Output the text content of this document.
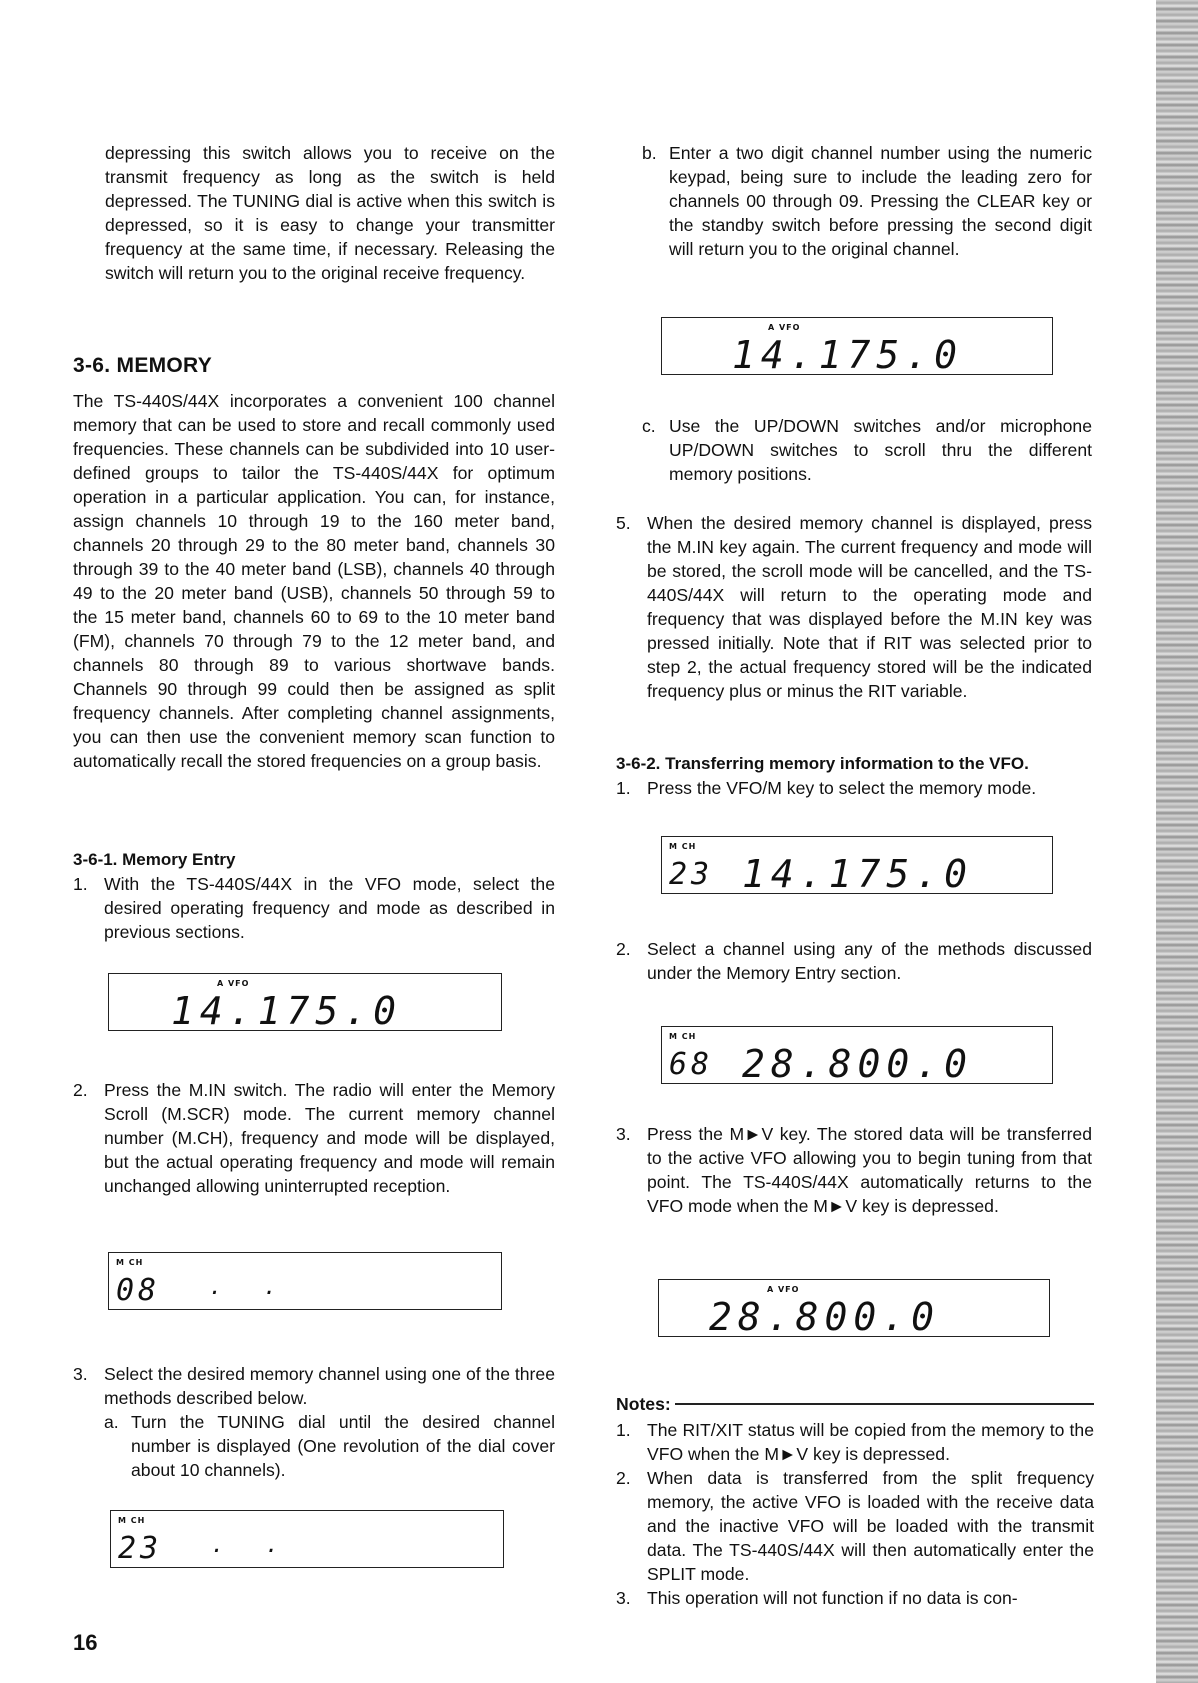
depressing this switch allows you to receive on the transmit frequency as long as the switch is held depressed. The TUNING dial is active when this switch is depressed, so it is easy to change your transmitter frequency at the same time, if necessary. Releasing the switch will return you to the original receive frequency.

3-6. MEMORY

The TS-440S/44X incorporates a convenient 100 channel memory that can be used to store and recall commonly used frequencies. These channels can be subdivided into 10 user-defined groups to tailor the TS-440S/44X for optimum operation in a particular application. You can, for instance, assign channels 10 through 19 to the 160 meter band, channels 20 through 29 to the 80 meter band, channels 30 through 39 to the 40 meter band (LSB), channels 40 through 49 to the 20 meter band (USB), channels 50 through 59 to the 15 meter band, channels 60 to 69 to the 10 meter band (FM), channels 70 through 79 to the 12 meter band, and channels 80 through 89 to various shortwave bands. Channels 90 through 99 could then be assigned as split frequency channels. After completing channel assignments, you can then use the convenient memory scan function to automatically recall the stored frequencies on a group basis.

3-6-1. Memory Entry
1. With the TS-440S/44X in the VFO mode, select the desired operating frequency and mode as described in previous sections.
A VFO
14.175.0
2. Press the M.IN switch. The radio will enter the Memory Scroll (M.SCR) mode. The current memory channel number (M.CH), frequency and mode will be displayed, but the actual operating frequency and mode will remain unchanged allowing uninterrupted reception.
M CH
08 . .
3. Select the desired memory channel using one of the three methods described below.
a. Turn the TUNING dial until the desired channel number is displayed (One revolution of the dial cover about 10 channels).
M CH
23 . .
16
b. Enter a two digit channel number using the numeric keypad, being sure to include the leading zero for channels 00 through 09. Pressing the CLEAR key or the standby switch before pressing the second digit will return you to the original channel.
A VFO
14.175.0
c. Use the UP/DOWN switches and/or microphone UP/DOWN switches to scroll thru the different memory positions.
5. When the desired memory channel is displayed, press the M.IN key again. The current frequency and mode will be stored, the scroll mode will be cancelled, and the TS-440S/44X will return to the operating mode and frequency that was displayed before the M.IN key was pressed initially. Note that if RIT was selected prior to step 2, the actual frequency stored will be the indicated frequency plus or minus the RIT variable.
3-6-2. Transferring memory information to the VFO.
1. Press the VFO/M key to select the memory mode.
M CH
23 14.175.0
2. Select a channel using any of the methods discussed under the Memory Entry section.
M CH
68 28.800.0
3. Press the M►V key. The stored data will be transferred to the active VFO allowing you to begin tuning from that point. The TS-440S/44X automatically returns to the VFO mode when the M►V key is depressed.
A VFO
28.800.0
Notes:
1. The RIT/XIT status will be copied from the memory to the VFO when the M►V key is depressed.
2. When data is transferred from the split frequency memory, the active VFO is loaded with the receive data and the inactive VFO will be loaded with the transmit data. The TS-440S/44X will then automatically enter the SPLIT mode.
3. This operation will not function if no data is con-
